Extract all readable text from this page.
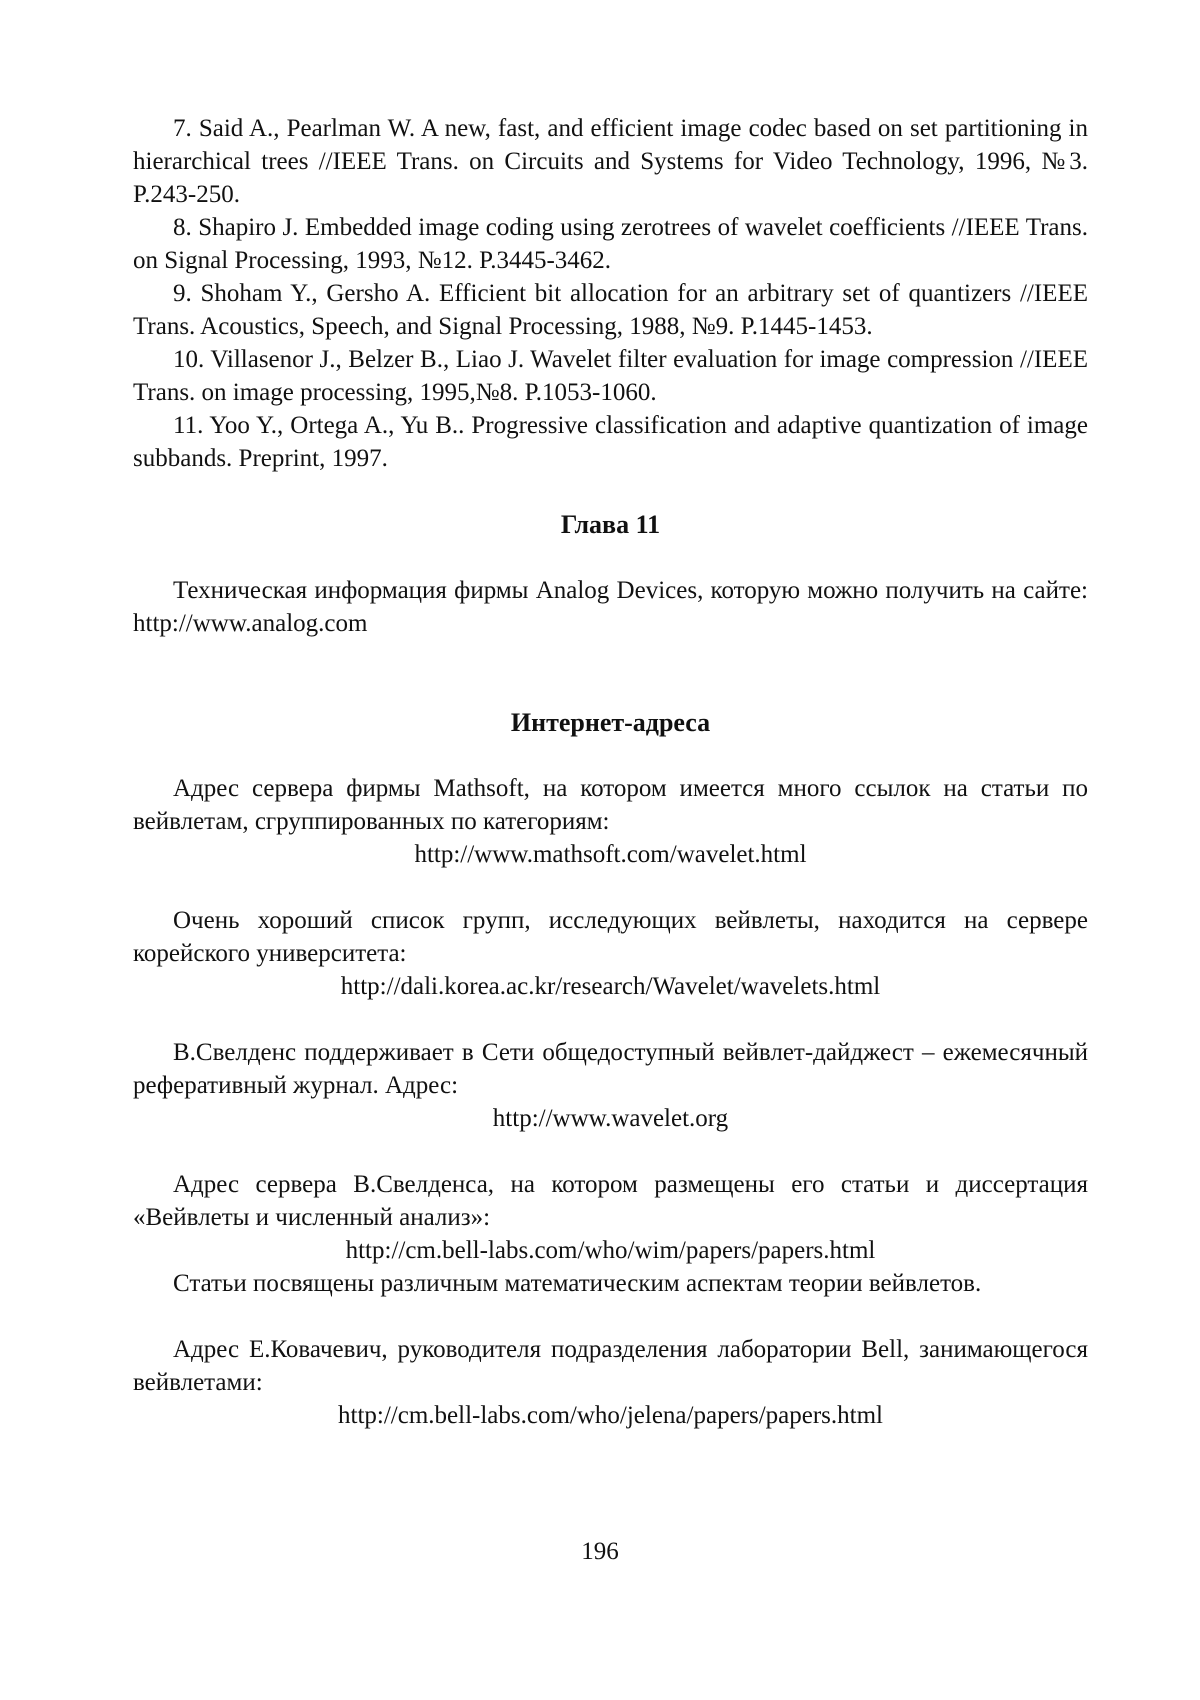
7. Said A., Pearlman W. A new, fast, and efficient image codec based on set partitioning in hierarchical trees //IEEE Trans. on Circuits and Systems for Video Technology, 1996, №3. P.243-250.

8. Shapiro J. Embedded image coding using zerotrees of wavelet coefficients //IEEE Trans. on Signal Processing, 1993, №12. P.3445-3462.

9. Shoham Y., Gersho A. Efficient bit allocation for an arbitrary set of quantizers //IEEE Trans. Acoustics, Speech, and Signal Processing, 1988, №9. P.1445-1453.

10. Villasenor J., Belzer B., Liao J. Wavelet filter evaluation for image compression //IEEE Trans. on image processing, 1995,№8. P.1053-1060.

11. Yoo Y., Ortega A., Yu B.. Progressive classification and adaptive quantization of image subbands. Preprint, 1997.

Глава 11

Техническая информация фирмы Analog Devices, которую можно получить на сайте: http://www.analog.com

Интернет-адреса

Адрес сервера фирмы Mathsoft, на котором имеется много ссылок на статьи по вейвлетам, сгруппированных по категориям:

http://www.mathsoft.com/wavelet.html

Очень хороший список групп, исследующих вейвлеты, находится на сервере корейского университета:

http://dali.korea.ac.kr/research/Wavelet/wavelets.html

В.Свелденс поддерживает в Сети общедоступный вейвлет-дайджест – ежемесячный реферативный журнал. Адрес:

http://www.wavelet.org

Адрес сервера В.Свелденса, на котором размещены его статьи и диссертация «Вейвлеты и численный анализ»:

http://cm.bell-labs.com/who/wim/papers/papers.html

Статьи посвящены различным математическим аспектам теории вейвлетов.

Адрес Е.Ковачевич, руководителя подразделения лаборатории Bell, занимающегося вейвлетами:

http://cm.bell-labs.com/who/jelena/papers/papers.html

196
